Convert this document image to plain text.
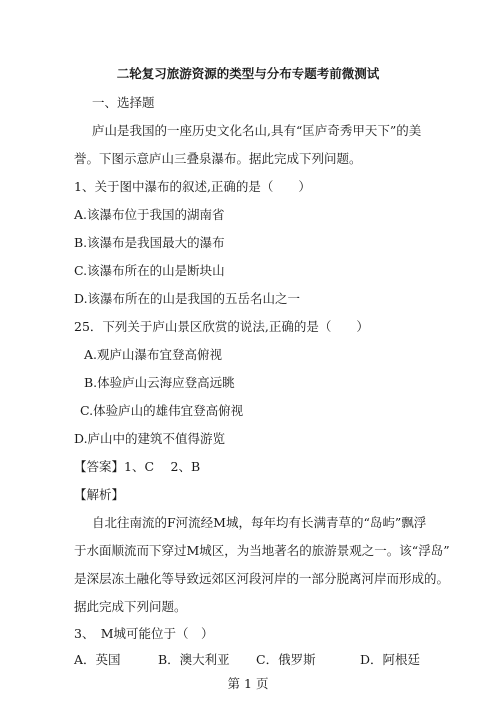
二轮复习旅游资源的类型与分布专题考前微测试
一、选择题
庐山是我国的一座历史文化名山,具有“匡庐奇秀甲天下”的美
誉。下图示意庐山三叠泉瀑布。据此完成下列问题。
1、关于图中瀑布的叙述,正确的是（　　）
A.该瀑布位于我国的湖南省
B.该瀑布是我国最大的瀑布
C.该瀑布所在的山是断块山
D.该瀑布所在的山是我国的五岳名山之一
25．下列关于庐山景区欣赏的说法,正确的是（　　）
A.观庐山瀑布宜登高俯视
B.体验庐山云海应登高远眺
C.体验庐山的雄伟宜登高俯视
D.庐山中的建筑不值得游览
【答案】1、C　 2、B
【解析】
自北往南流的F河流经M城，每年均有长满青草的“岛屿”飘浮
于水面顺流而下穿过M城区，为当地著名的旅游景观之一。该“浮岛”
是深层冻土融化等导致远郊区河段河岸的一部分脱离河岸而形成的。
据此完成下列问题。
3、　M城可能位于（　）
A．英国	B．澳大利亚 C．俄罗斯	D．阿根廷
第 1 页
